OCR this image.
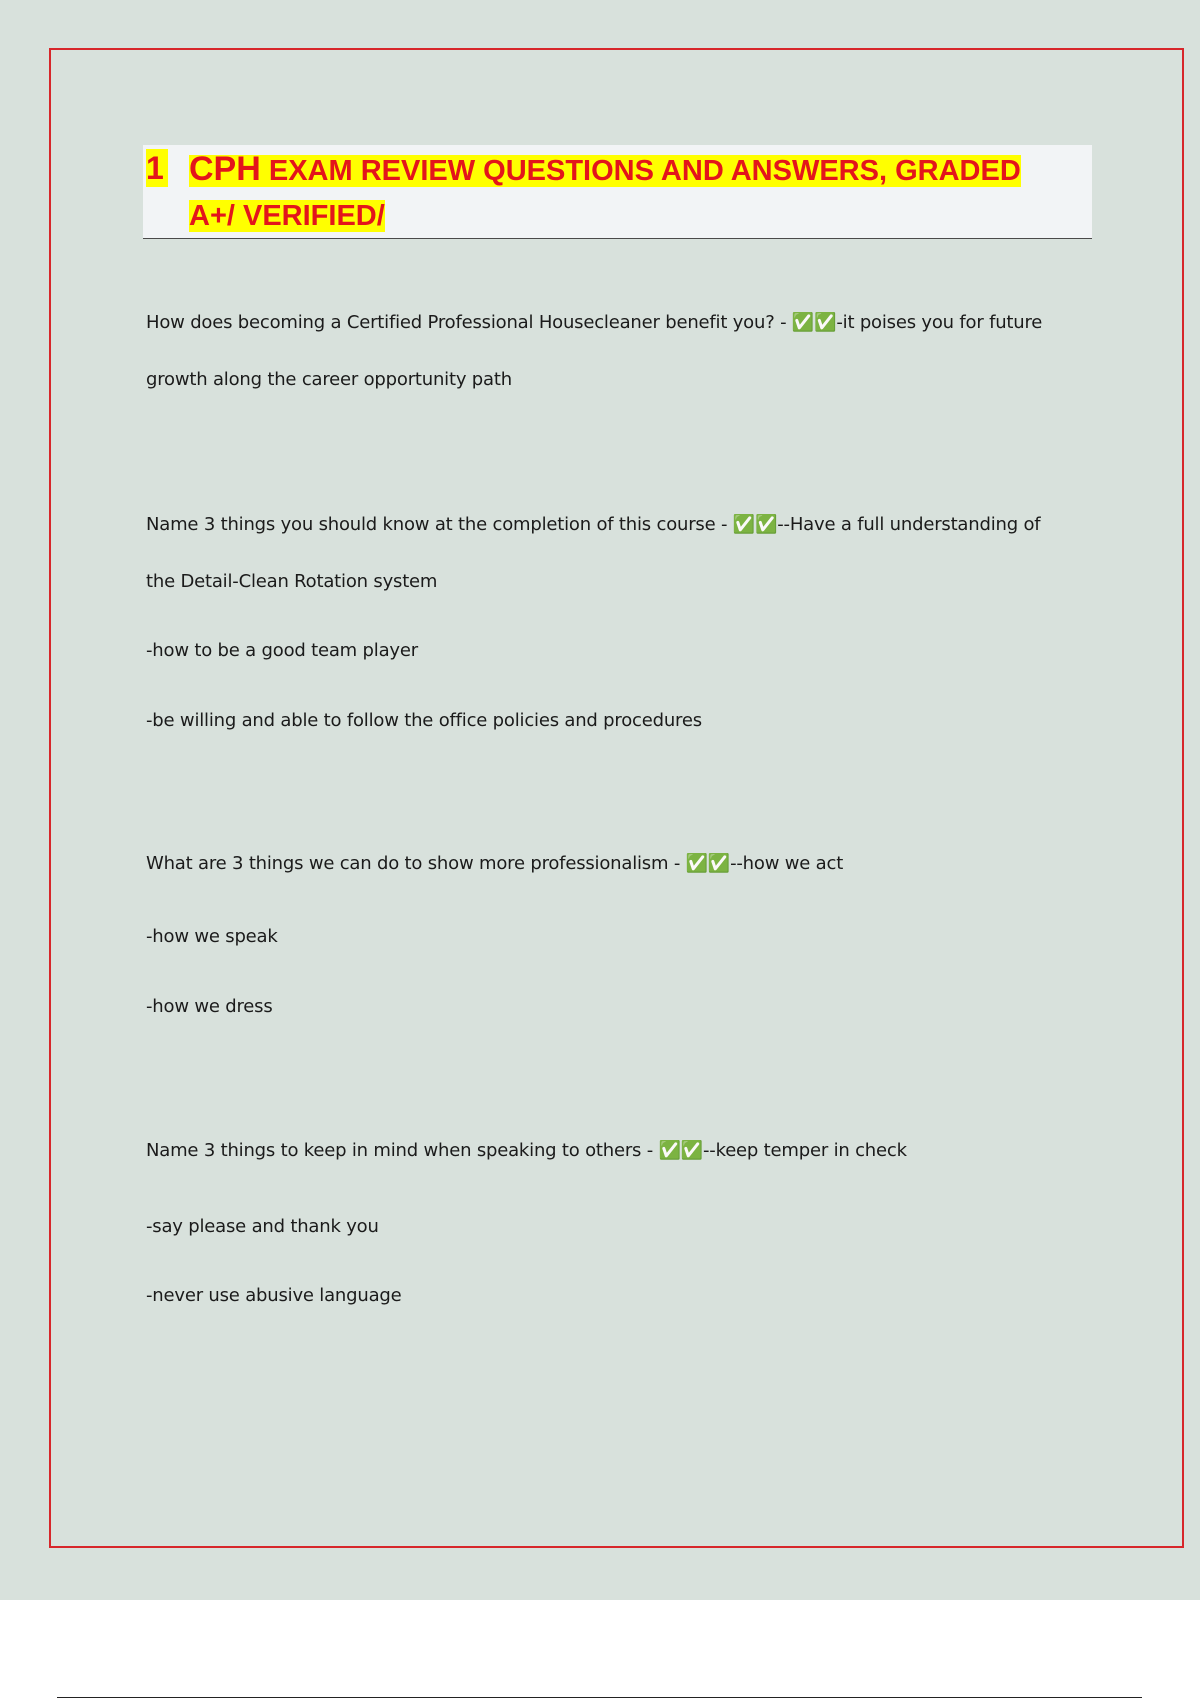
1 CPH EXAM REVIEW QUESTIONS AND ANSWERS, GRADED A+/ VERIFIED/
How does becoming a Certified Professional Housecleaner benefit you? - ✅✅-it poises you for future
growth along the career opportunity path
Name 3 things you should know at the completion of this course - ✅✅--Have a full understanding of
the Detail-Clean Rotation system
-how to be a good team player
-be willing and able to follow the office policies and procedures
What are 3 things we can do to show more professionalism - ✅✅--how we act
-how we speak
-how we dress
Name 3 things to keep in mind when speaking to others - ✅✅--keep temper in check
-say please and thank you
-never use abusive language
